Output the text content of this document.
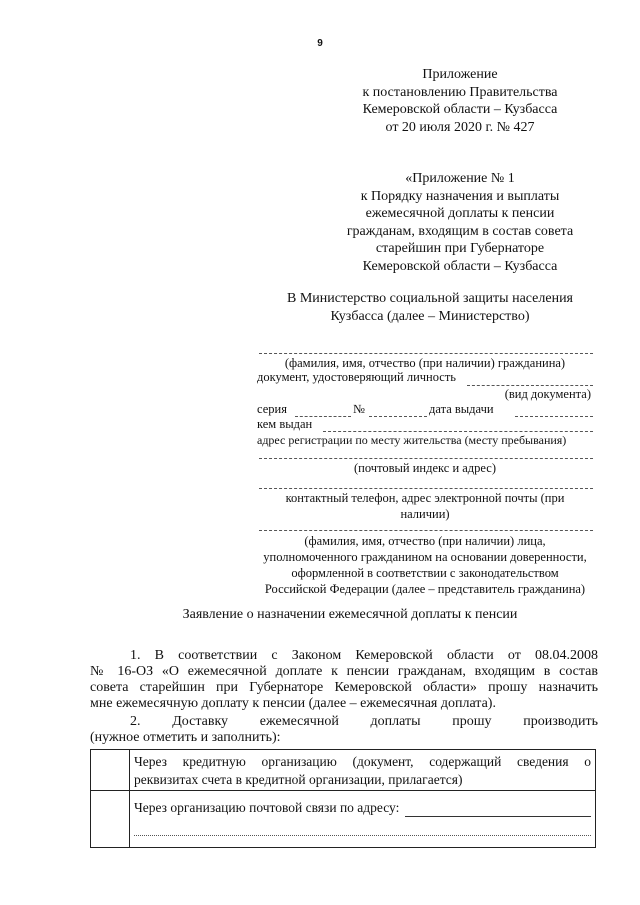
9
Приложение
к постановлению Правительства
Кемеровской области – Кузбасса
от 20 июля 2020 г. № 427
«Приложение № 1
к Порядку назначения и выплаты
ежемесячной доплаты к пенсии
гражданам, входящим в состав совета
старейшин при Губернаторе
Кемеровской области – Кузбасса
В Министерство социальной защиты населения
Кузбасса (далее – Министерство)
(фамилия, имя, отчество (при наличии) гражданина)
документ, удостоверяющий личность
(вид документа)
серия	№	дата выдачи
кем выдан
адрес регистрации по месту жительства (месту пребывания)
(почтовый индекс и адрес)
контактный телефон, адрес электронной почты (при
наличии)
(фамилия, имя, отчество (при наличии) лица,
уполномоченного гражданином на основании доверенности,
оформленной в соответствии с законодательством
Российской Федерации (далее – представитель гражданина)
Заявление о назначении ежемесячной доплаты к пенсии
1. В соответствии с Законом Кемеровской области от 08.04.2008
№ 16-ОЗ «О ежемесячной доплате к пенсии гражданам, входящим в состав
совета старейшин при Губернаторе Кемеровской области» прошу назначить
мне ежемесячную доплату к пенсии (далее – ежемесячная доплата).
2. Доставку ежемесячной доплаты прошу производить
(нужное отметить и заполнить):

	Через кредитную организацию (документ, содержащий сведения о
реквизитах счета в кредитной организации, прилагается)

	Через организацию почтовой связи по адресу:
